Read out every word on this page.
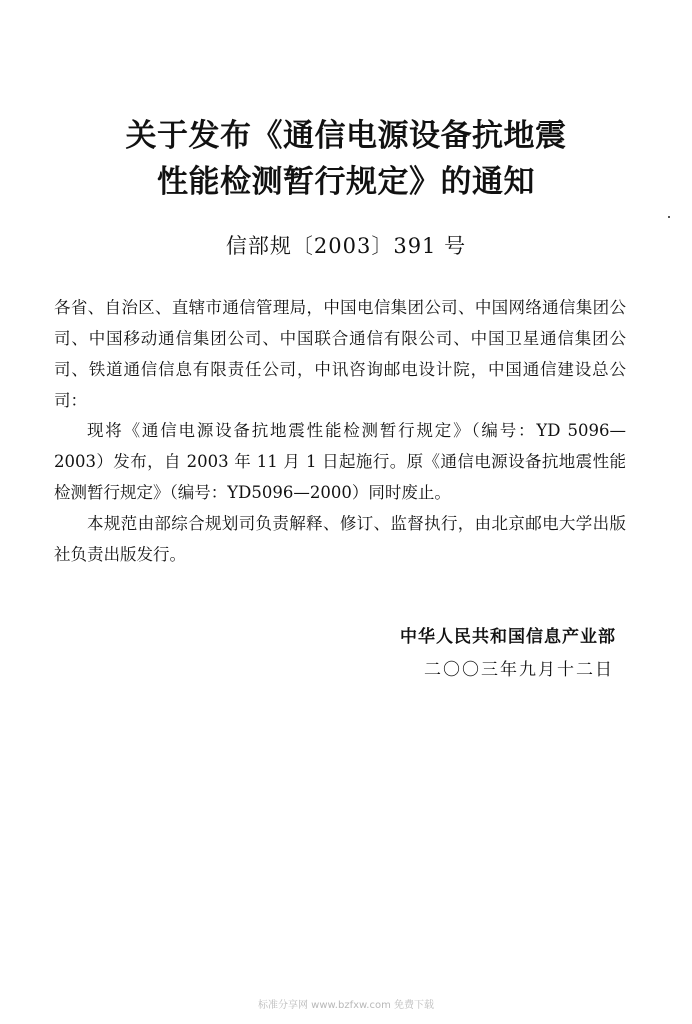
关于发布《通信电源设备抗地震
性能检测暂行规定》的通知
信部规〔2003〕391 号
各省、自治区、直辖市通信管理局，中国电信集团公司、中国网络通信集团公司、中国移动通信集团公司、中国联合通信有限公司、中国卫星通信集团公司、铁道通信信息有限责任公司，中讯咨询邮电设计院，中国通信建设总公司：
现将《通信电源设备抗地震性能检测暂行规定》（编号：YD 5096—2003）发布，自 2003 年 11 月 1 日起施行。原《通信电源设备抗地震性能检测暂行规定》（编号：YD5096—2000）同时废止。
本规范由部综合规划司负责解释、修订、监督执行，由北京邮电大学出版社负责出版发行。
中华人民共和国信息产业部
二〇〇三年九月十二日
标准分享网 www.bzfxw.com 免费下载
